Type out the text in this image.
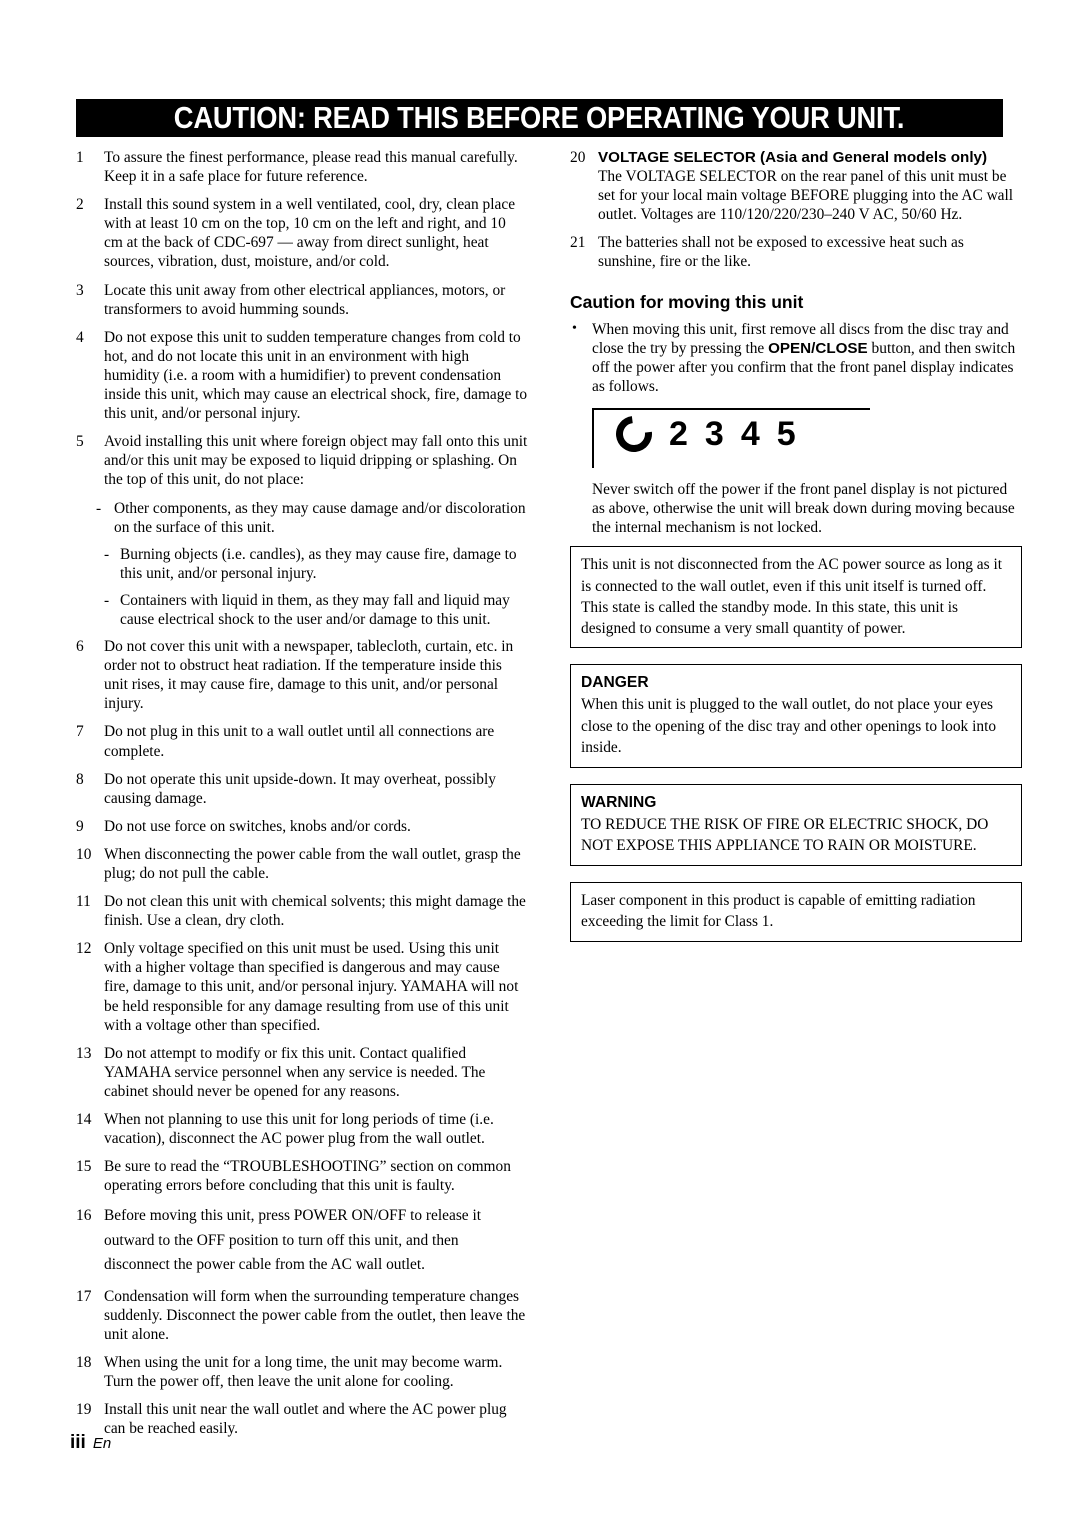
CAUTION: READ THIS BEFORE OPERATING YOUR UNIT.
1	To assure the finest performance, please read this manual carefully. Keep it in a safe place for future reference.
2	Install this sound system in a well ventilated, cool, dry, clean place with at least 10 cm on the top, 10 cm on the left and right, and 10 cm at the back of CDC-697 — away from direct sunlight, heat sources, vibration, dust, moisture, and/or cold.
3	Locate this unit away from other electrical appliances, motors, or transformers to avoid humming sounds.
4	Do not expose this unit to sudden temperature changes from cold to hot, and do not locate this unit in an environment with high humidity (i.e. a room with a humidifier) to prevent condensation inside this unit, which may cause an electrical shock, fire, damage to this unit, and/or personal injury.
5	Avoid installing this unit where foreign object may fall onto this unit and/or this unit may be exposed to liquid dripping or splashing. On the top of this unit, do not place:
- Other components, as they may cause damage and/or discoloration on the surface of this unit.
- Burning objects (i.e. candles), as they may cause fire, damage to this unit, and/or personal injury.
- Containers with liquid in them, as they may fall and liquid may cause electrical shock to the user and/or damage to this unit.
6	Do not cover this unit with a newspaper, tablecloth, curtain, etc. in order not to obstruct heat radiation. If the temperature inside this unit rises, it may cause fire, damage to this unit, and/or personal injury.
7	Do not plug in this unit to a wall outlet until all connections are complete.
8	Do not operate this unit upside-down. It may overheat, possibly causing damage.
9	Do not use force on switches, knobs and/or cords.
10 When disconnecting the power cable from the wall outlet, grasp the plug; do not pull the cable.
11 Do not clean this unit with chemical solvents; this might damage the finish. Use a clean, dry cloth.
12 Only voltage specified on this unit must be used. Using this unit with a higher voltage than specified is dangerous and may cause fire, damage to this unit, and/or personal injury. YAMAHA will not be held responsible for any damage resulting from use of this unit with a voltage other than specified.
13 Do not attempt to modify or fix this unit. Contact qualified YAMAHA service personnel when any service is needed. The cabinet should never be opened for any reasons.
14 When not planning to use this unit for long periods of time (i.e. vacation), disconnect the AC power plug from the wall outlet.
15 Be sure to read the “TROUBLESHOOTING” section on common operating errors before concluding that this unit is faulty.
16 Before moving this unit, press POWER ON/OFF to release it outward to the OFF position to turn off this unit, and then disconnect the power cable from the AC wall outlet.
17 Condensation will form when the surrounding temperature changes suddenly. Disconnect the power cable from the outlet, then leave the unit alone.
18 When using the unit for a long time, the unit may become warm. Turn the power off, then leave the unit alone for cooling.
19 Install this unit near the wall outlet and where the AC power plug can be reached easily.
20 VOLTAGE SELECTOR (Asia and General models only)
The VOLTAGE SELECTOR on the rear panel of this unit must be set for your local main voltage BEFORE plugging into the AC wall outlet. Voltages are 110/120/220/230–240 V AC, 50/60 Hz.
21 The batteries shall not be exposed to excessive heat such as sunshine, fire or the like.
Caution for moving this unit
• When moving this unit, first remove all discs from the disc tray and close the try by pressing the OPEN/CLOSE button, and then switch off the power after you confirm that the front panel display indicates as follows.
2 3 4 5
Never switch off the power if the front panel display is not pictured as above, otherwise the unit will break down during moving because the internal mechanism is not locked.
This unit is not disconnected from the AC power source as long as it is connected to the wall outlet, even if this unit itself is turned off. This state is called the standby mode. In this state, this unit is designed to consume a very small quantity of power.
DANGER
When this unit is plugged to the wall outlet, do not place your eyes close to the opening of the disc tray and other openings to look into inside.
WARNING
TO REDUCE THE RISK OF FIRE OR ELECTRIC SHOCK, DO NOT EXPOSE THIS APPLIANCE TO RAIN OR MOISTURE.
Laser component in this product is capable of emitting radiation exceeding the limit for Class 1.
iii En
